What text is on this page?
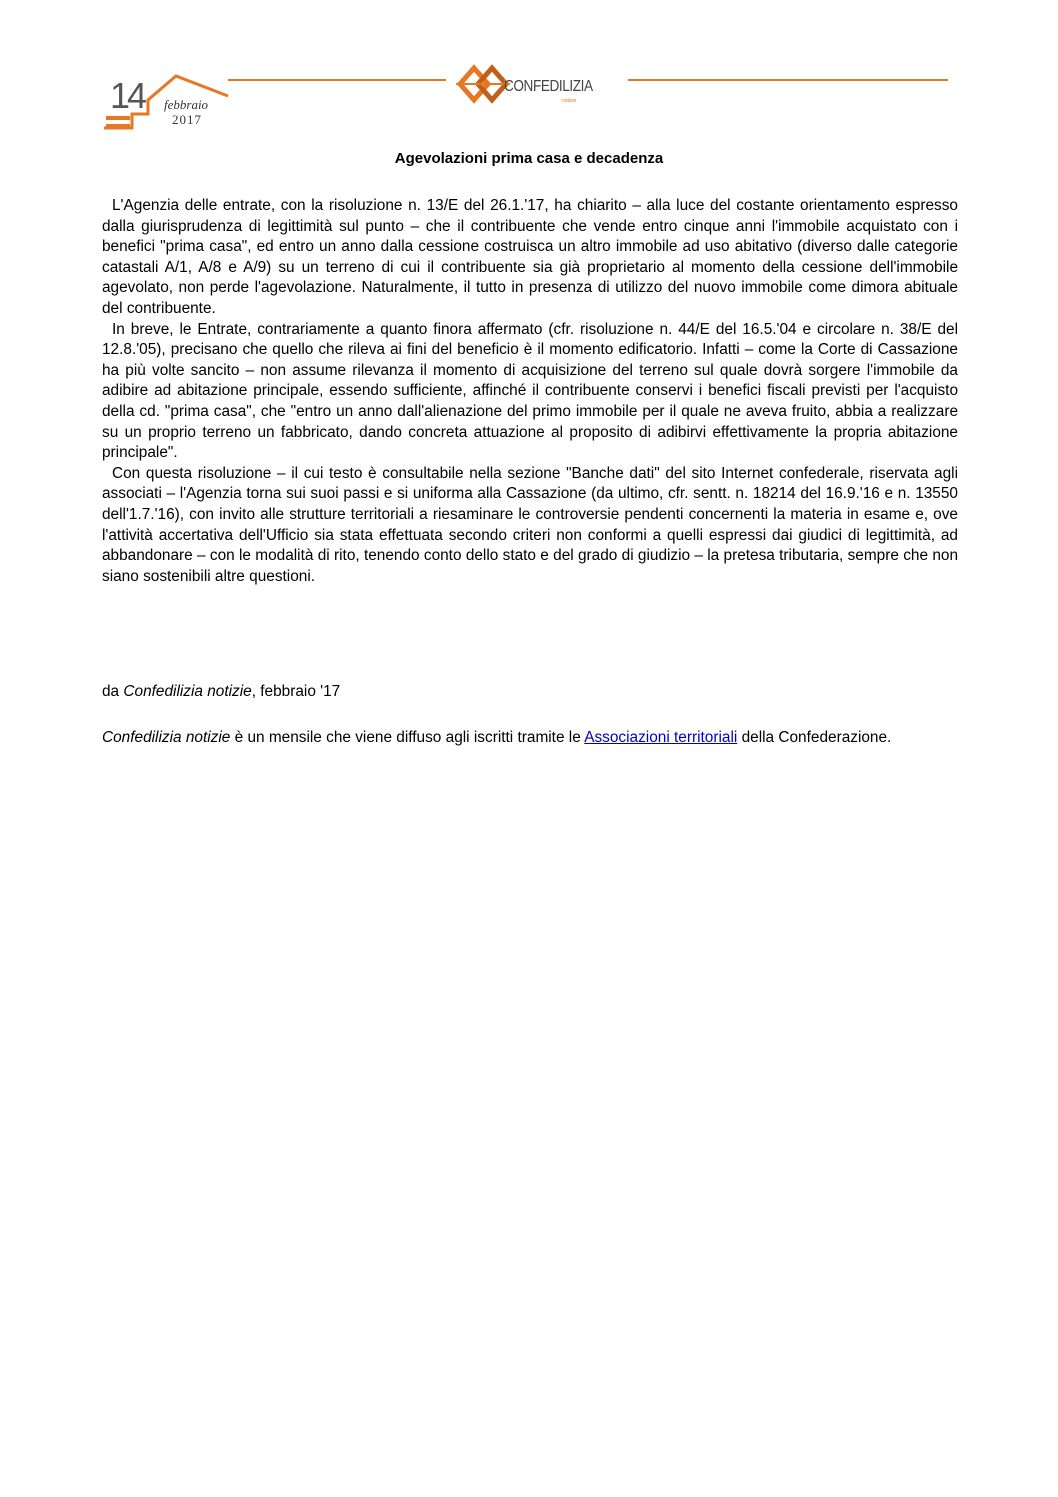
14 febbraio
2017
CONFEDILIZIA
notizie
Agevolazioni prima casa e decadenza

L'Agenzia delle entrate, con la risoluzione n. 13/E del 26.1.'17, ha chiarito – alla luce del costante orientamento espresso dalla giurisprudenza di legittimità sul punto – che il contribuente che vende entro cinque anni l'immobile acquistato con i benefici "prima casa", ed entro un anno dalla cessione costruisca un altro immobile ad uso abitativo (diverso dalle categorie catastali A/1, A/8 e A/9) su un terreno di cui il contribuente sia già proprietario al momento della cessione dell'immobile agevolato, non perde l'agevolazione. Naturalmente, il tutto in presenza di utilizzo del nuovo immobile come dimora abituale del contribuente.

In breve, le Entrate, contrariamente a quanto finora affermato (cfr. risoluzione n. 44/E del 16.5.'04 e circolare n. 38/E del 12.8.'05), precisano che quello che rileva ai fini del beneficio è il momento edificatorio. Infatti – come la Corte di Cassazione ha più volte sancito – non assume rilevanza il momento di acquisizione del terreno sul quale dovrà sorgere l'immobile da adibire ad abitazione principale, essendo sufficiente, affinché il contribuente conservi i benefici fiscali previsti per l'acquisto della cd. "prima casa", che "entro un anno dall'alienazione del primo immobile per il quale ne aveva fruito, abbia a realizzare su un proprio terreno un fabbricato, dando concreta attuazione al proposito di adibirvi effettivamente la propria abitazione principale".

Con questa risoluzione – il cui testo è consultabile nella sezione "Banche dati" del sito Internet confederale, riservata agli associati – l'Agenzia torna sui suoi passi e si uniforma alla Cassazione (da ultimo, cfr. sentt. n. 18214 del 16.9.'16 e n. 13550 dell'1.7.'16), con invito alle strutture territoriali a riesaminare le controversie pendenti concernenti la materia in esame e, ove l'attività accertativa dell'Ufficio sia stata effettuata secondo criteri non conformi a quelli espressi dai giudici di legittimità, ad abbandonare – con le modalità di rito, tenendo conto dello stato e del grado di giudizio – la pretesa tributaria, sempre che non siano sostenibili altre questioni.

da Confedilizia notizie, febbraio '17
Confedilizia notizie è un mensile che viene diffuso agli iscritti tramite le Associazioni territoriali della Confederazione.
